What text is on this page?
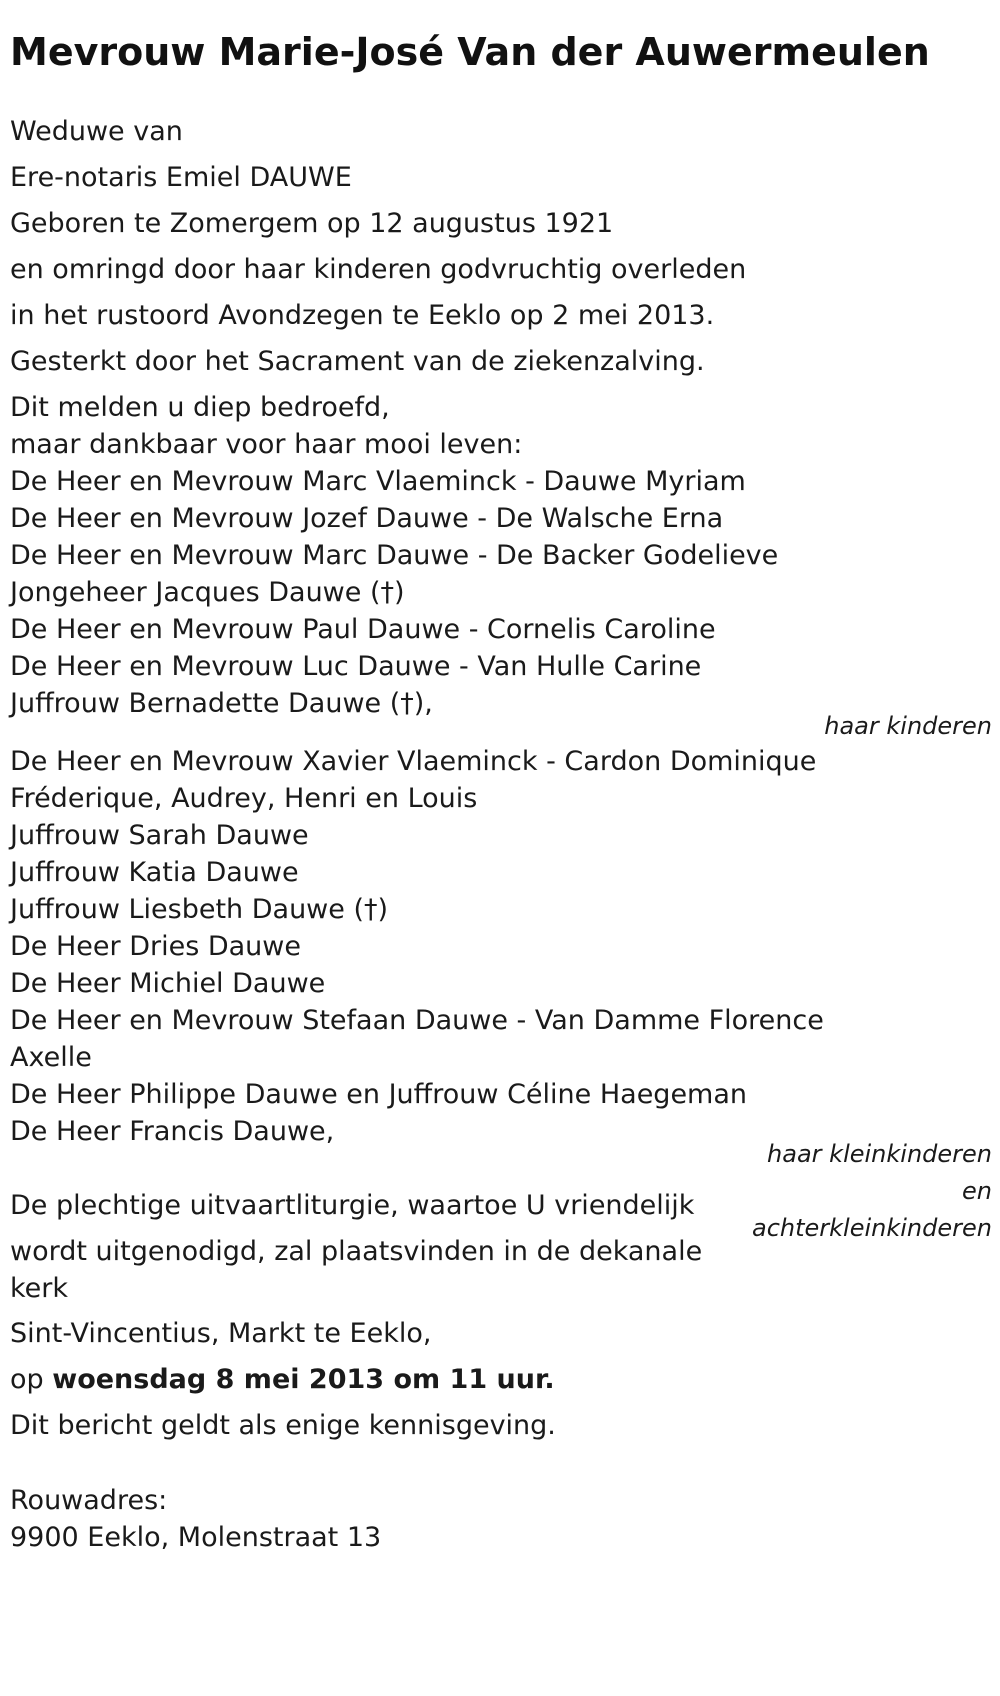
Mevrouw Marie-José Van der Auwermeulen

Weduwe van

Ere-notaris Emiel DAUWE

Geboren te Zomergem op 12 augustus 1921

en omringd door haar kinderen godvruchtig overleden

in het rustoord Avondzegen te Eeklo op 2 mei 2013.

Gesterkt door het Sacrament van de ziekenzalving.

Dit melden u diep bedroefd,

maar dankbaar voor haar mooi leven:

De Heer en Mevrouw Marc Vlaeminck - Dauwe Myriam

De Heer en Mevrouw Jozef Dauwe - De Walsche Erna

De Heer en Mevrouw Marc Dauwe - De Backer Godelieve

Jongeheer Jacques Dauwe (†)

De Heer en Mevrouw Paul Dauwe - Cornelis Caroline

De Heer en Mevrouw Luc Dauwe - Van Hulle Carine

Juffrouw Bernadette Dauwe (†),

haar kinderen

De Heer en Mevrouw Xavier Vlaeminck - Cardon Dominique

Fréderique, Audrey, Henri en Louis

Juffrouw Sarah Dauwe

Juffrouw Katia Dauwe

Juffrouw Liesbeth Dauwe (†)

De Heer Dries Dauwe

De Heer Michiel Dauwe

De Heer en Mevrouw Stefaan Dauwe - Van Damme Florence

Axelle

De Heer Philippe Dauwe en Juffrouw Céline Haegeman

De Heer Francis Dauwe,

haar kleinkinderen

en

achterkleinkinderen

De plechtige uitvaartliturgie, waartoe U vriendelijk

wordt uitgenodigd, zal plaatsvinden in de dekanale

kerk

Sint-Vincentius, Markt te Eeklo,

op woensdag 8 mei 2013 om 11 uur.

Dit bericht geldt als enige kennisgeving.

Rouwadres:

9900 Eeklo, Molenstraat 13
